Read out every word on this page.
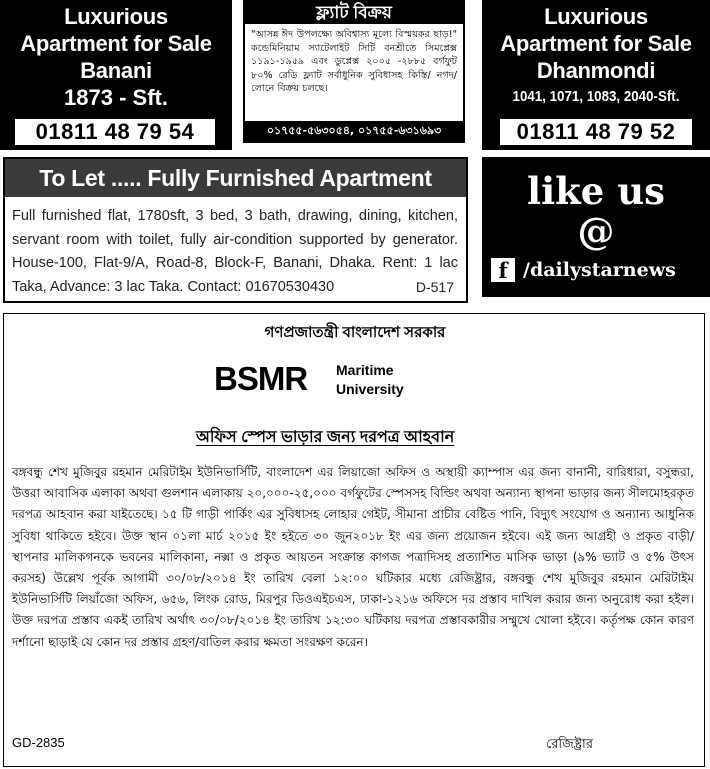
Luxurious
Apartment for Sale
Banani
1873 - Sft.
01811 48 79 54
ফ্ল্যাট বিক্রয়
"আসন্ন ঈদ উপলক্ষ্যে অবিশ্বাস্য মূল্যে বিস্ময়কর ছাড়!" কন্ডেমিনিয়াম স্যাটেলাইট সিটি বনশ্রীতে সিমপ্লেক্স ১১৯১-১৯৫৯ এবং ডুপ্লেক্স ২০০৫ -২৮৮৫ বর্গফুট ৮০% রেডি ফ্ল্যাট সর্বাধুনিক সুবিধাসহ কিস্তি/ নগদ/ লোনে বিক্রয় চলছে।
০১৭৫৫-৫৬৩০৫৪, ০১৭৫৫-৬৩১৬৯৩
Luxurious
Apartment for Sale
Dhanmondi
1041, 1071, 1083, 2040-Sft.
01811 48 79 52
To Let ..... Fully Furnished Apartment
Full furnished flat, 1780sft, 3 bed, 3 bath, drawing, dining, kitchen, servant room with toilet, fully air-condition supported by generator. House-100, Flat-9/A, Road-8, Block-F, Banani, Dhaka. Rent: 1 lac Taka, Advance: 3 lac Taka. Contact: 01670530430	D-517
like us
@
f /dailystarnews
গণপ্রজাতন্ত্রী বাংলাদেশ সরকার
BSMR Maritime
University
অফিস স্পেস ভাড়ার জন্য দরপত্র আহবান
বঙ্গবন্ধু শেখ মুজিবুর রহমান মেরিটাইম ইউনিভার্সিটি, বাংলাদেশ এর লিয়াজো অফিস ও অস্থায়ী ক্যাম্পাস এর জন্য বানানী, বারিধারা, বসুন্ধরা, উত্তরা আবাসিক এলাকা অথবা গুলশান এলাকায় ২০,০০০-২৫,০০০ বর্গফুটের স্পেসসহ বিল্ডিং অথবা অন্যান্য স্থাপনা ভাড়ার জন্য সীলমোহরকৃত দরপত্র আহবান করা যাইতেছে। ১৫ টি গাড়ী পার্কিং এর সুবিধাসহ লোহার গেইট, সীমানা প্রাচীর বেষ্টিত পানি, বিদ্যুৎ সংযোগ ও অন্যান্য আধুনিক সুবিধা থাকিতে হইবে। উক্ত স্থান ০১লা মার্চ ২০১৫ ইং হইতে ৩০ জুন২০১৮ ইং এর জন্য প্রয়োজন হইবে। এই জন্য আগ্রহী ও প্রকৃত বাড়ী/স্থাপনার মালিকগনকে ভবনের মালিকানা, নক্সা ও প্রকৃত আয়তন সংক্রান্ত কাগজ পত্রাদিসহ প্রত্যাশিত মাসিক ভাড়া (৯% ভ্যাট ও ৫% উৎস করসহ) উল্লেখ পূর্বক আগামী ৩০/০৮/২০১৪ ইং তারিখ বেলা ১২:০০ ঘটিকার মধ্যে রেজিষ্ট্রার, বঙ্গবন্ধু শেখ মুজিবুর রহমান মেরিটাইম ইউনিভার্সিটি লিয়াঁজো অফিস, ৬৫৬, লিংক রোড, মিরপুর ডিওএইচএস, ঢাকা-১২১৬ অফিসে দর প্রস্তাব দাখিল করার জন্য অনুরোধ করা হইল। উক্ত দরপত্র প্রস্তাব একই তারিখ অর্থাৎ ৩০/০৮/২০১৪ ইং তারিখ ১২:৩০ ঘটিকায় দরপত্র প্রস্তাবকারীর সম্মুখে খোলা হইবে। কর্তৃপক্ষ কোন কারণ দর্শানো ছাড়াই যে কোন দর প্রস্তাব গ্রহণ/বাতিল করার ক্ষমতা সংরক্ষণ করেন।
GD-2835	রেজিষ্ট্রার
